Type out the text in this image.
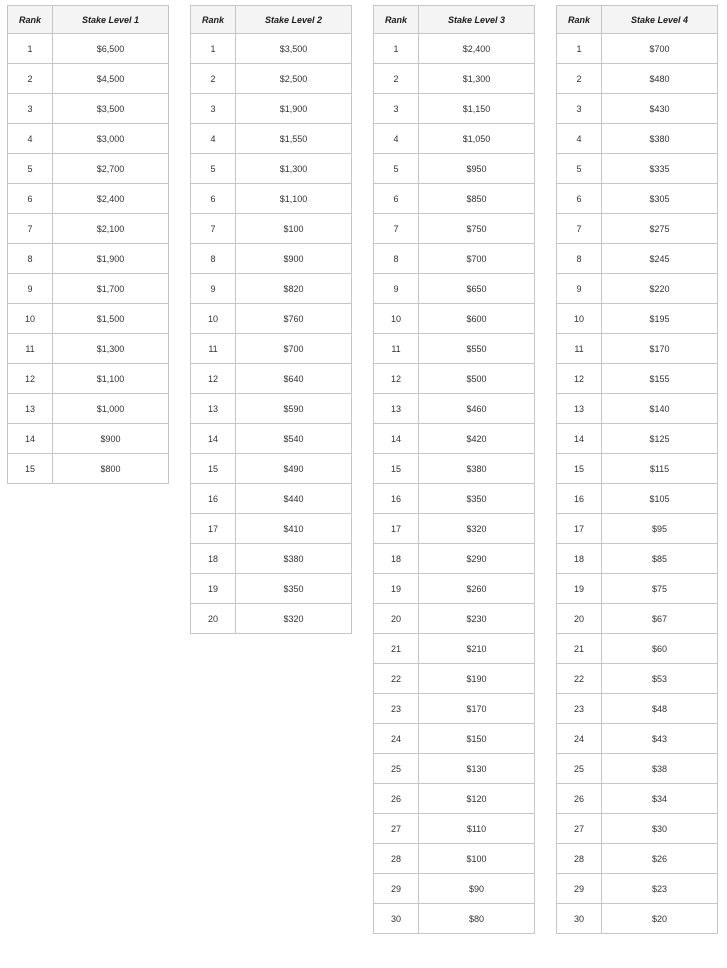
Rank	Stake Level 1
1	$6,500
2	$4,500
3	$3,500
4	$3,000
5	$2,700
6	$2,400
7	$2,100
8	$1,900
9	$1,700
10	$1,500
11	$1,300
12	$1,100
13	$1,000
14	$900
15	$800
Rank	Stake Level 2
1	$3,500
2	$2,500
3	$1,900
4	$1,550
5	$1,300
6	$1,100
7	$100
8	$900
9	$820
10	$760
11	$700
12	$640
13	$590
14	$540
15	$490
16	$440
17	$410
18	$380
19	$350
20	$320
Rank	Stake Level 3
1	$2,400
2	$1,300
3	$1,150
4	$1,050
5	$950
6	$850
7	$750
8	$700
9	$650
10	$600
11	$550
12	$500
13	$460
14	$420
15	$380
16	$350
17	$320
18	$290
19	$260
20	$230
21	$210
22	$190
23	$170
24	$150
25	$130
26	$120
27	$110
28	$100
29	$90
30	$80
Rank	Stake Level 4
1	$700
2	$480
3	$430
4	$380
5	$335
6	$305
7	$275
8	$245
9	$220
10	$195
11	$170
12	$155
13	$140
14	$125
15	$115
16	$105
17	$95
18	$85
19	$75
20	$67
21	$60
22	$53
23	$48
24	$43
25	$38
26	$34
27	$30
28	$26
29	$23
30	$20
